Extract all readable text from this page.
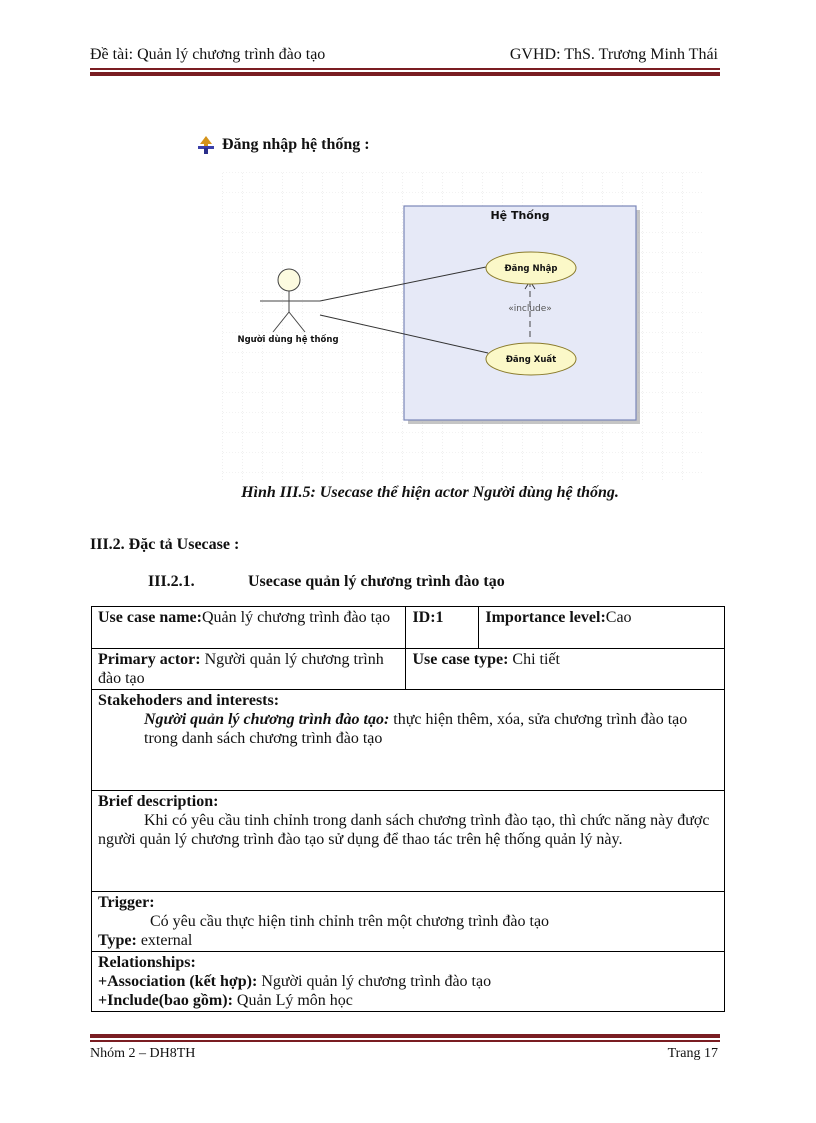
Đề tài: Quản lý chương trình đào tạo	GVHD: ThS. Trương Minh Thái
Đăng nhập hệ thống :
Hệ Thống
Người dùng hệ thống
«include»
Đăng Nhập
Đăng Xuất
Hình III.5: Usecase thể hiện actor Người dùng hệ thống.
III.2. Đặc tả Usecase :
III.2.1.	Usecase quản lý chương trình đào tạo
Use case name:Quản lý chương trình đào tạo	ID:1	Importance level:Cao
Primary actor: Người quản lý chương trình đào tạo	Use case type: Chi tiết	

Stakehoders and interests:
Người quản lý chương trình đào tạo: thực hiện thêm, xóa, sửa chương trình đào tạo trong danh sách chương trình đào tạo		

Brief description:
Khi có yêu cầu tinh chỉnh trong danh sách chương trình đào tạo, thì chức năng này được người quản lý chương trình đào tạo sử dụng để thao tác trên hệ thống quản lý này.		

Trigger:
Có yêu cầu thực hiện tinh chỉnh trên một chương trình đào tạo
Type: external		

Relationships:
+Association (kết hợp): Người quản lý chương trình đào tạo
+Include(bao gồm): Quản Lý môn học		
Nhóm 2 – DH8TH	Trang 17
